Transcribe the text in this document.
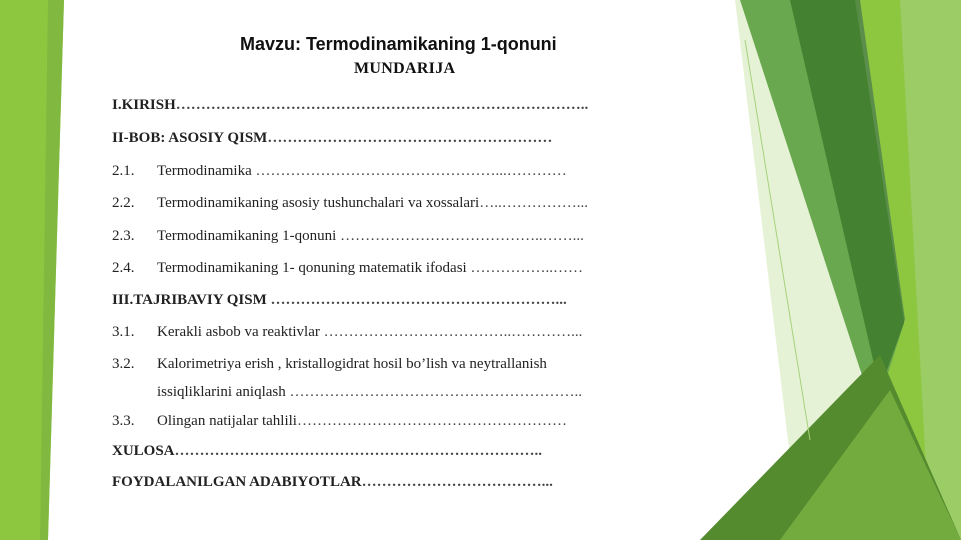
Mavzu: Termodinamikaning 1-qonuni
MUNDARIJA
I.KIRISH………………………………………………………………………..
II-BOB: ASOSIY QISM…………………………………………………
2.1. Termodinamika …………………………………………...…………
2.2. Termodinamikaning asosiy tushunchalari va xossalari…..……………...
2.3. Termodinamikaning 1-qonuni …………………………………..……...
2.4. Termodinamikaning 1- qonuning matematik ifodasi ……………..……
III.TAJRIBAVIY QISM …………………………………………………...
3.1. Kerakli asbob va reaktivlar ………………………………..…………...
3.2. Kalorimetriya erish , kristallogidrat hosil bo’lish va neytrallanish
issiqliklarini aniqlash …………………………………………………..
3.3. Olingan natijalar tahlili………………………………………………
XULOSA………………………………………………………………..
FOYDALANILGAN ADABIYOTLAR………………………………...
